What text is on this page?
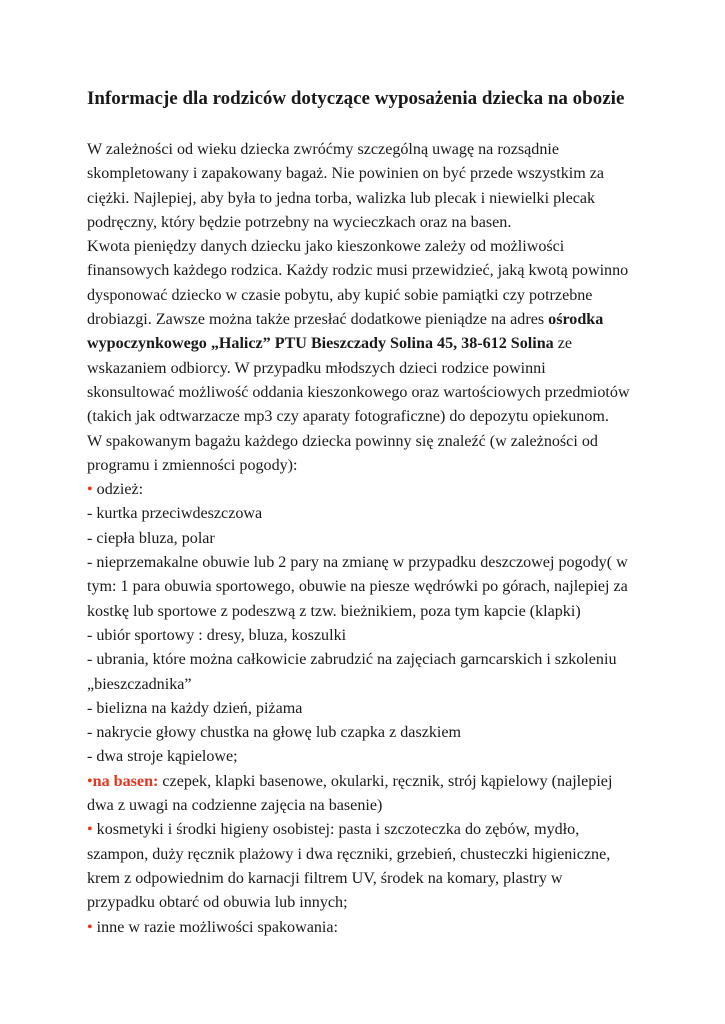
Informacje dla rodziców dotyczące wyposażenia dziecka na obozie
W zależności od wieku dziecka zwróćmy szczególną uwagę na rozsądnie
skompletowany i zapakowany bagaż. Nie powinien on być przede wszystkim za
ciężki. Najlepiej, aby była to jedna torba, walizka lub plecak i niewielki plecak
podręczny, który będzie potrzebny na wycieczkach oraz na basen.
Kwota pieniędzy danych dziecku jako kieszonkowe zależy od możliwości
finansowych każdego rodzica. Każdy rodzic musi przewidzieć, jaką kwotą powinno
dysponować dziecko w czasie pobytu, aby kupić sobie pamiątki czy potrzebne
drobiazgi. Zawsze można także przesłać dodatkowe pieniądze na adres ośrodka
wypoczynkowego „Halicz” PTU Bieszczady Solina 45, 38-612 Solina ze
wskazaniem odbiorcy. W przypadku młodszych dzieci rodzice powinni
skonsultować możliwość oddania kieszonkowego oraz wartościowych przedmiotów
(takich jak odtwarzacze mp3 czy aparaty fotograficzne) do depozytu opiekunom.
W spakowanym bagażu każdego dziecka powinny się znaleźć (w zależności od
programu i zmienności pogody):
• odzież:
- kurtka przeciwdeszczowa
- ciepła bluza, polar
- nieprzemakalne obuwie lub 2 pary na zmianę w przypadku deszczowej pogody( w
tym: 1 para obuwia sportowego, obuwie na piesze wędrówki po górach, najlepiej za
kostkę lub sportowe z podeszwą z tzw. bieżnikiem, poza tym kapcie (klapki)
- ubiór sportowy : dresy, bluza, koszulki
- ubrania, które można całkowicie zabrudzić na zajęciach garncarskich i szkoleniu
„bieszczadnika”
- bielizna na każdy dzień, piżama
- nakrycie głowy chustka na głowę lub czapka z daszkiem
- dwa stroje kąpielowe;
•na basen: czepek, klapki basenowe, okularki, ręcznik, strój kąpielowy (najlepiej
dwa z uwagi na codzienne zajęcia na basenie)
• kosmetyki i środki higieny osobistej: pasta i szczoteczka do zębów, mydło,
szampon, duży ręcznik plażowy i dwa ręczniki, grzebień, chusteczki higieniczne,
krem z odpowiednim do karnacji filtrem UV, środek na komary, plastry w
przypadku obtarć od obuwia lub innych;
• inne w razie możliwości spakowania:
